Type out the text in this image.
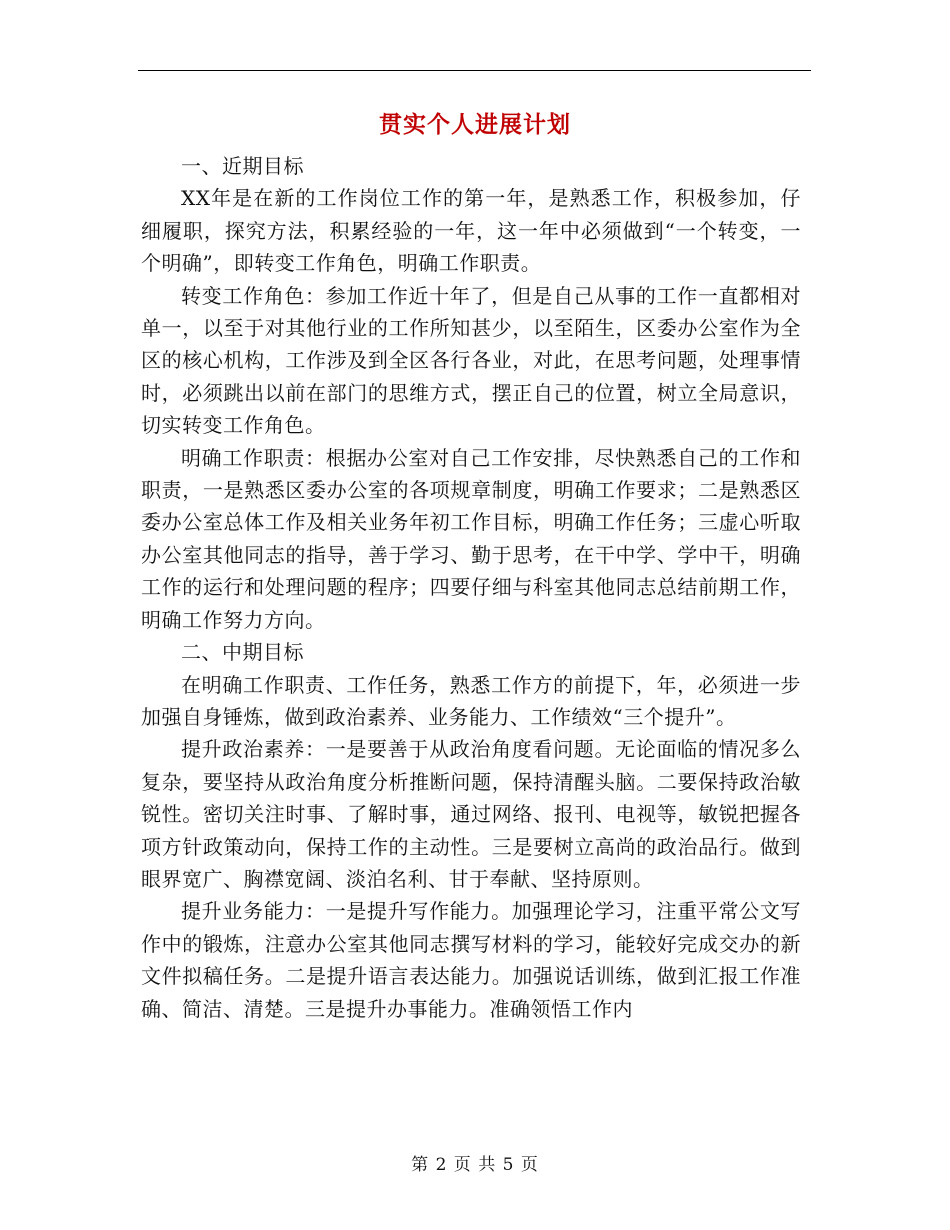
贯实个人进展计划

一、近期目标

XX年是在新的工作岗位工作的第一年，是熟悉工作，积极参加，仔细履职，探究方法，积累经验的一年，这一年中必须做到“一个转变，一个明确”，即转变工作角色，明确工作职责。

转变工作角色：参加工作近十年了，但是自己从事的工作一直都相对单一，以至于对其他行业的工作所知甚少，以至陌生，区委办公室作为全区的核心机构，工作涉及到全区各行各业，对此，在思考问题，处理事情时，必须跳出以前在部门的思维方式，摆正自己的位置，树立全局意识，切实转变工作角色。

明确工作职责：根据办公室对自己工作安排，尽快熟悉自己的工作和职责，一是熟悉区委办公室的各项规章制度，明确工作要求；二是熟悉区委办公室总体工作及相关业务年初工作目标，明确工作任务；三虚心听取办公室其他同志的指导，善于学习、勤于思考，在干中学、学中干，明确工作的运行和处理问题的程序；四要仔细与科室其他同志总结前期工作，明确工作努力方向。

二、中期目标

在明确工作职责、工作任务，熟悉工作方的前提下，年，必须进一步加强自身锤炼，做到政治素养、业务能力、工作绩效“三个提升”。

提升政治素养：一是要善于从政治角度看问题。无论面临的情况多么复杂，要坚持从政治角度分析推断问题，保持清醒头脑。二要保持政治敏锐性。密切关注时事、了解时事，通过网络、报刊、电视等，敏锐把握各项方针政策动向，保持工作的主动性。三是要树立高尚的政治品行。做到眼界宽广、胸襟宽阔、淡泊名利、甘于奉献、坚持原则。

提升业务能力：一是提升写作能力。加强理论学习，注重平常公文写作中的锻炼，注意办公室其他同志撰写材料的学习，能较好完成交办的新文件拟稿任务。二是提升语言表达能力。加强说话训练，做到汇报工作准确、简洁、清楚。三是提升办事能力。准确领悟工作内

第 2 页 共 5 页
